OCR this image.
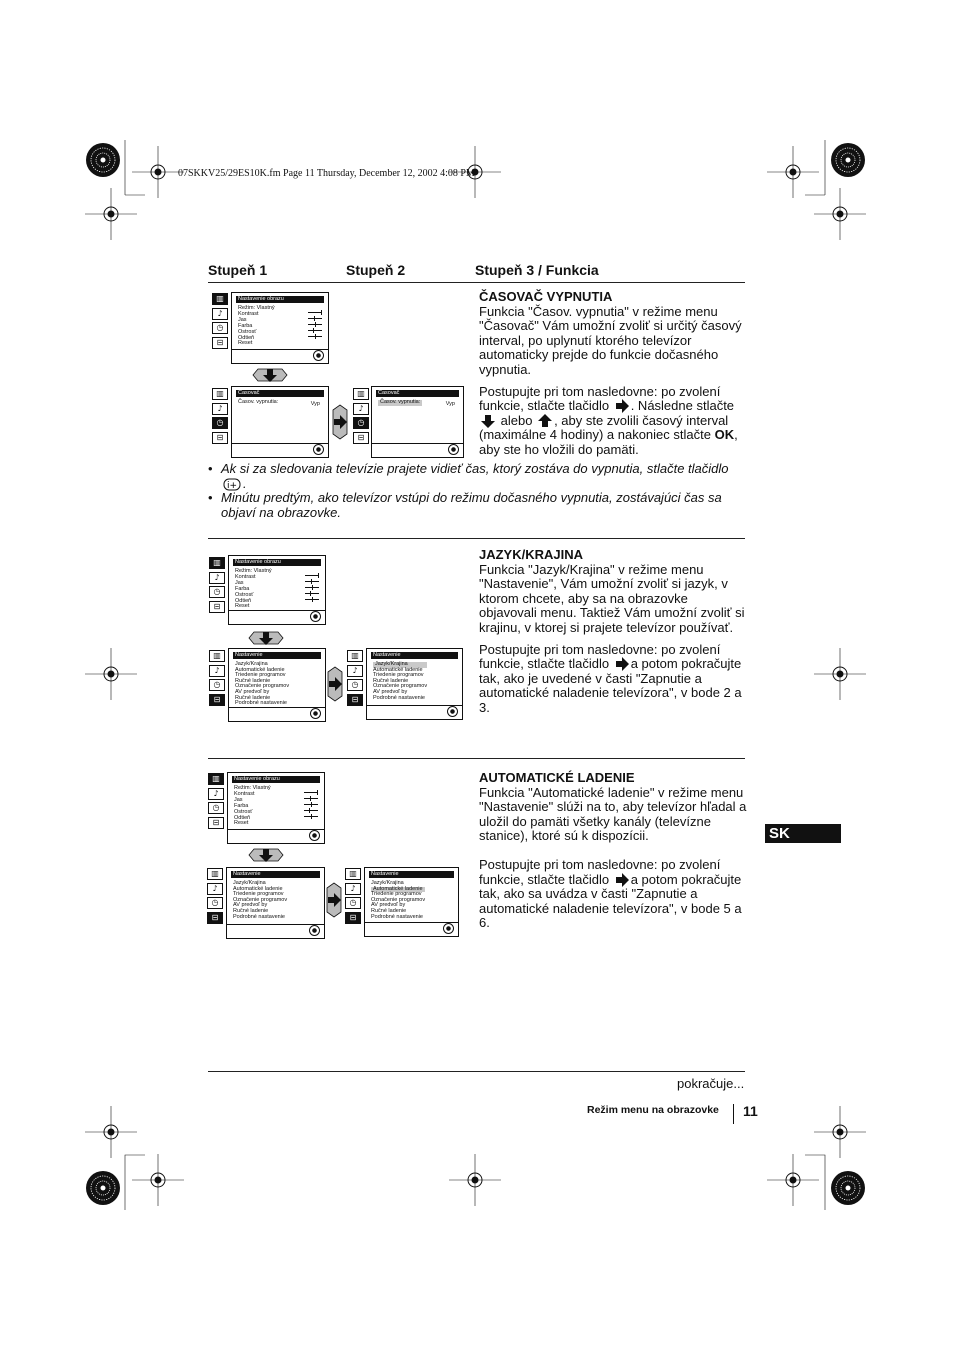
07SKKV25/29ES10K.fm Page 11 Thursday, December 12, 2002 4:08 PM
Stupeň 1	Stupeň 2	Stupeň 3 / Funkcia
▥
♪
◷
⊟
Nastavenie obrazu
Režim: Vlastný
Kontrast
Jas
Farba
Ostrosť
Odtieň
Reset
▥
♪
◷
⊟
Časovač
Časov. vypnutia:	Vyp
▥
♪
◷
⊟
Časovač
Časov. vypnutia:	Vyp

ČASOVAČ VYPNUTIA

Funkcia "Časov. vypnutia" v režime menu "Časovač" Vám umožní zvoliť si určitý časový interval, po uplynutí ktorého televízor automaticky prejde do funkcie dočasného vypnutia.

Postupujte pri tom nasledovne: po zvolení funkcie, stlačte tlačidlo . Následne stlačte  alebo , aby ste zvolili časový interval (maximálne 4 hodiny) a nakoniec stlačte OK, aby ste ho vložili do pamäti.

• Ak si za sledovania televízie prajete vidieť čas, ktorý zostáva do vypnutia, stlačte tlačidlo
i+ .

• Minútu predtým, ako televízor vstúpi do režimu dočasného vypnutia, zostávajúci čas sa objaví na obrazovke.

▥
♪
◷
⊟
Nastavenie obrazu
Režim: Vlastný
Kontrast
Jas
Farba
Ostrosť
Odtieň
Reset
▥
♪
◷
⊟
Nastavenie
Jazyk/Krajina
Automatické ladenie
Triedenie programov
Ručné ladenie
Označenie programov
AV predvoľ by
Ručné ladenie
Podrobné nastavenie
▥
♪
◷
⊟
Nastavenie
Jazyk/Krajina
Automatické ladenie
Triedenie programov
Ručné ladenie
Označenie programov
AV predvoľ by
Podrobné nastavenie

JAZYK/KRAJINA

Funkcia "Jazyk/Krajina" v režime menu "Nastavenie", Vám umožní zvoliť si jazyk, v ktorom chcete, aby sa na obrazovke objavovali menu. Taktiež Vám umožní zvoliť si krajinu, v ktorej si prajete televízor používať.

Postupujte pri tom nasledovne: po zvolení funkcie, stlačte tlačidlo a potom pokračujte tak, ako je uvedené v časti "Zapnutie a automatické naladenie televízora", v bode 2 a 3.

▥
♪
◷
⊟
Nastavenie obrazu
Režim: Vlastný
Kontrast
Jas
Farba
Ostrosť
Odtieň
Reset
▥
♪
◷
⊟
Nastavenie
Jazyk/Krajina
Automatické ladenie
Triedenie programov
Označenie programov
AV predvoľ by
Ručné ladenie
Podrobné nastavenie
▥
♪
◷
⊟
Nastavenie
Jazyk/Krajina
Automatické ladenie
Triedenie programov
Označenie programov
AV predvoľ by
Ručné ladenie
Podrobné nastavenie

AUTOMATICKÉ LADENIE

Funkcia "Automatické ladenie" v režime menu "Nastavenie" slúži na to, aby televízor hľadal a uložil do pamäti všetky kanály (televízne stanice), ktoré sú k dispozícii.

Postupujte pri tom nasledovne: po zvolení funkcie, stlačte tlačidlo a potom pokračujte tak, ako sa uvádza v časti "Zapnutie a automatické naladenie televízora", v bode 5 a 6.

SK
pokračuje...
Režim menu na obrazovke 11
